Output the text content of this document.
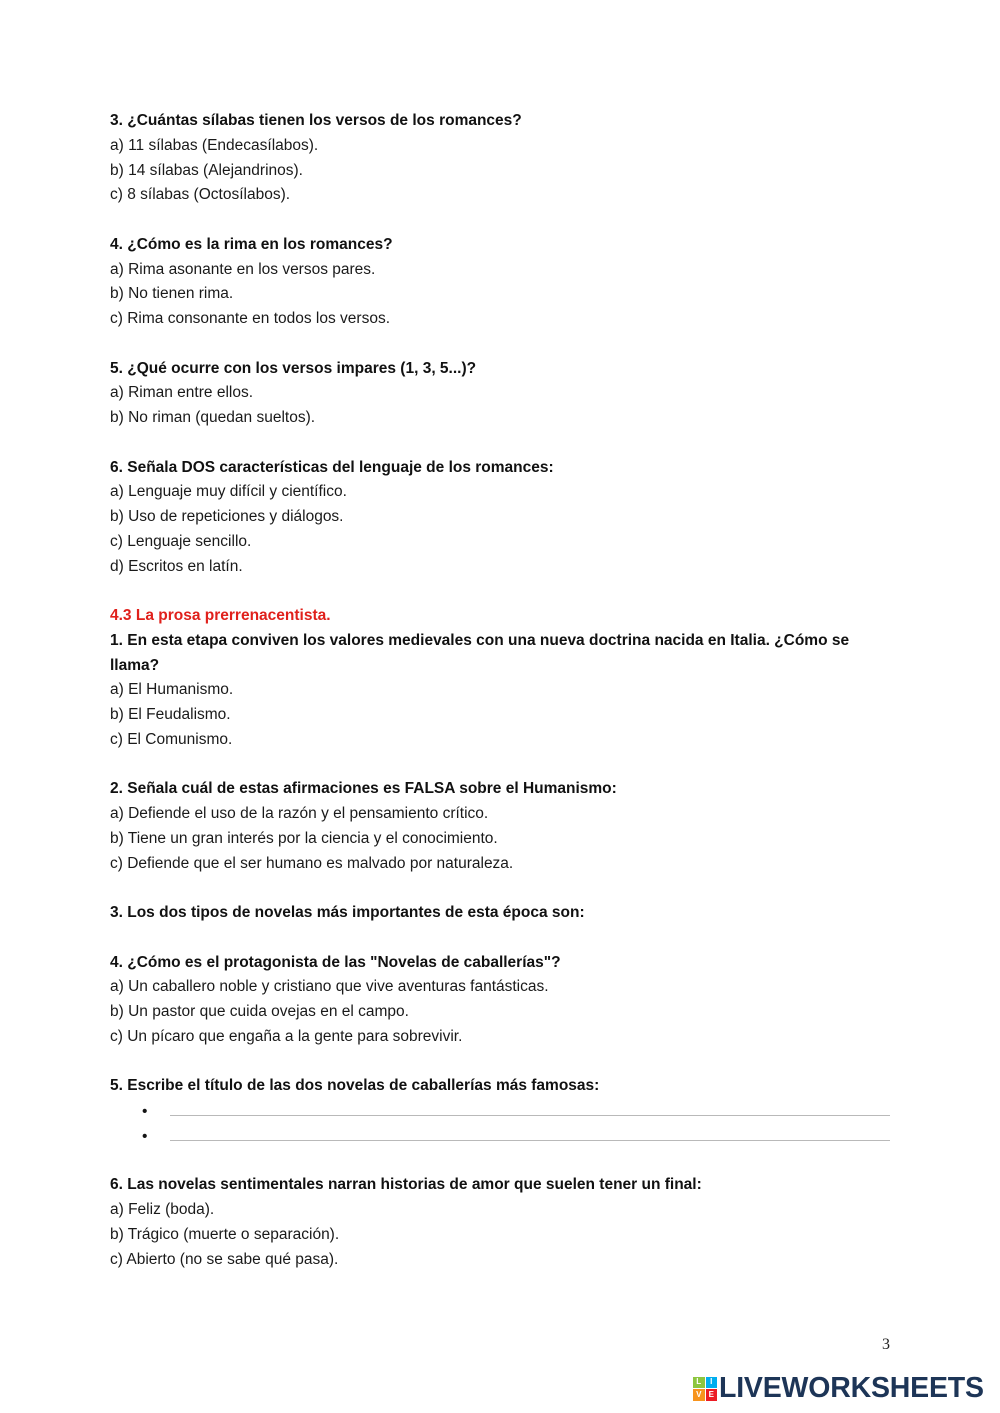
3. ¿Cuántas sílabas tienen los versos de los romances?
a) 11 sílabas (Endecasílabos).
b) 14 sílabas (Alejandrinos).
c) 8 sílabas (Octosílabos).
4. ¿Cómo es la rima en los romances?
a) Rima asonante en los versos pares.
b) No tienen rima.
c) Rima consonante en todos los versos.
5. ¿Qué ocurre con los versos impares (1, 3, 5...)?
a) Riman entre ellos.
b) No riman (quedan sueltos).
6. Señala DOS características del lenguaje de los romances:
a) Lenguaje muy difícil y científico.
b) Uso de repeticiones y diálogos.
c) Lenguaje sencillo.
d) Escritos en latín.
4.3 La prosa prerrenacentista.
1. En esta etapa conviven los valores medievales con una nueva doctrina nacida en Italia. ¿Cómo se llama?
a) El Humanismo.
b) El Feudalismo.
c) El Comunismo.
2. Señala cuál de estas afirmaciones es FALSA sobre el Humanismo:
a) Defiende el uso de la razón y el pensamiento crítico.
b) Tiene un gran interés por la ciencia y el conocimiento.
c) Defiende que el ser humano es malvado por naturaleza.
3. Los dos tipos de novelas más importantes de esta época son:
4. ¿Cómo es el protagonista de las "Novelas de caballerías"?
a) Un caballero noble y cristiano que vive aventuras fantásticas.
b) Un pastor que cuida ovejas en el campo.
c) Un pícaro que engaña a la gente para sobrevivir.
5. Escribe el título de las dos novelas de caballerías más famosas:
•
•
6. Las novelas sentimentales narran historias de amor que suelen tener un final:
a) Feliz (boda).
b) Trágico (muerte o separación).
c) Abierto (no se sabe qué pasa).
3
L	I
V E LIVEWORKSHEETS
